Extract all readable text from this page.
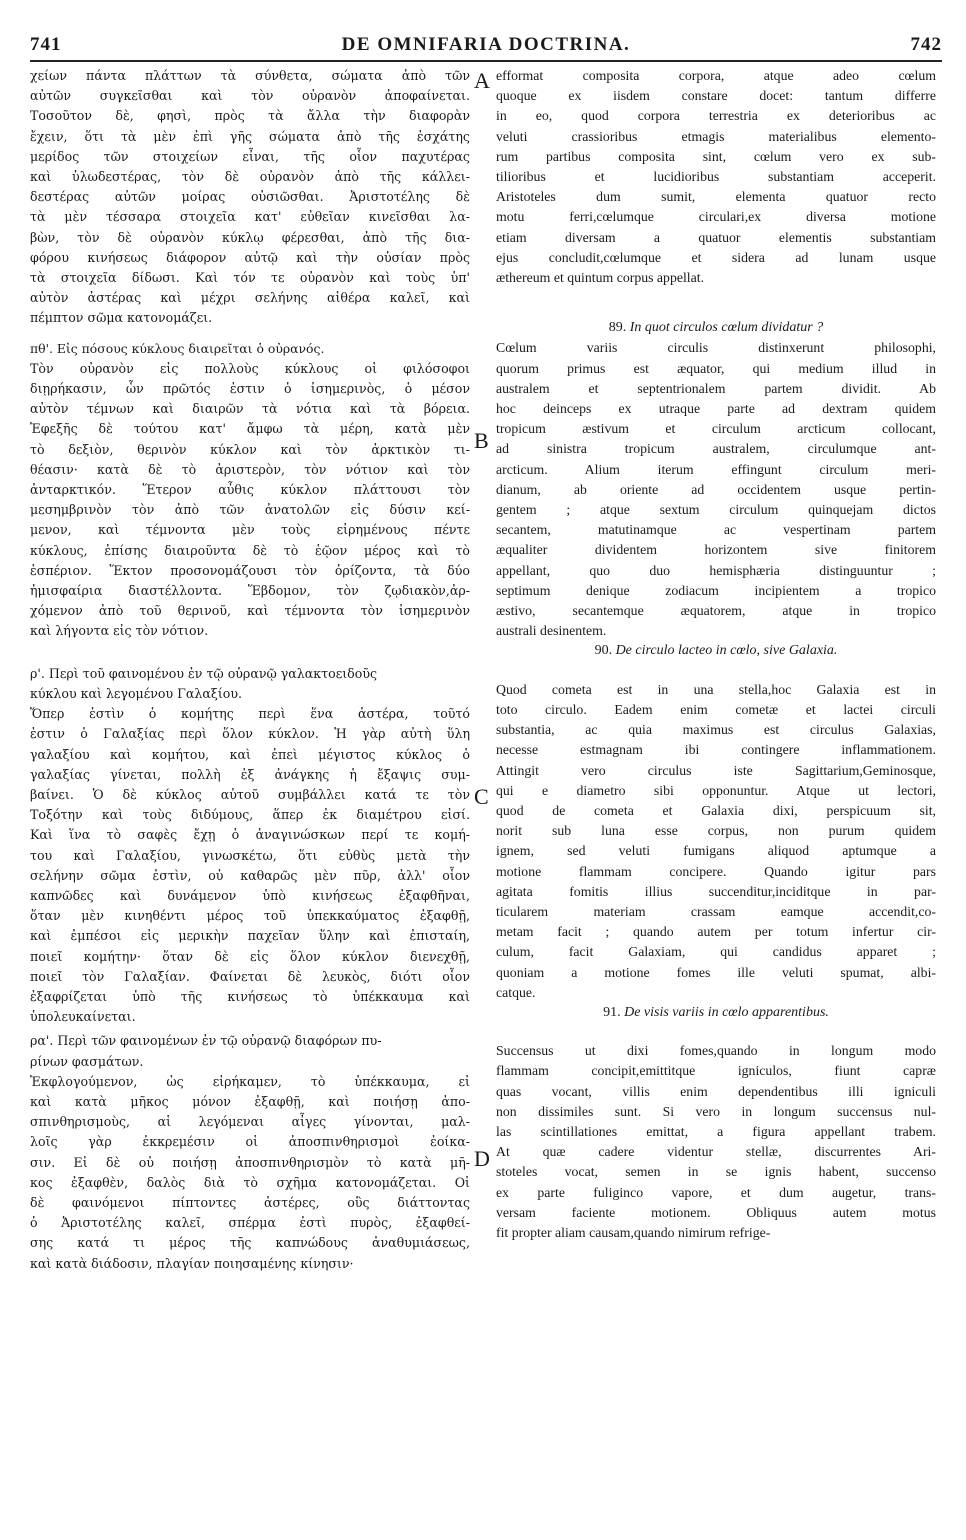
741	DE OMNIFARIA DOCTRINA.	742
A
B
C
D
χείων πάντα πλάττων τὰ σύνθετα, σώματα ἀπὸ τῶν
αὐτῶν συγκεῖσθαι καὶ τὸν οὐρανὸν ἀποφαίνεται.
Τοσοῦτον δὲ, φησὶ, πρὸς τὰ ἄλλα τὴν διαφορὰν
ἔχειν, ὅτι τὰ μὲν ἐπὶ γῆς σώματα ἀπὸ τῆς ἐσχάτης
μερίδος τῶν στοιχείων εἶναι, τῆς οἷον παχυτέρας
καὶ ὑλωδεστέρας, τὸν δὲ οὐρανὸν ἀπὸ τῆς κάλλει-
δεστέρας αὐτῶν μοίρας οὐσιῶσθαι. Ἀριστοτέλης δὲ
τὰ μὲν τέσσαρα στοιχεῖα κατ' εὐθεῖαν κινεῖσθαι λα-
βὼν, τὸν δὲ οὐρανὸν κύκλῳ φέρεσθαι, ἀπὸ τῆς δια-
φόρου κινήσεως διάφορον αὐτῷ καὶ τὴν οὐσίαν πρὸς
τὰ στοιχεῖα δίδωσι. Καὶ τόν τε οὐρανὸν καὶ τοὺς ὑπ'
αὐτὸν ἀστέρας καὶ μέχρι σελήνης αἰθέρα καλεῖ, καὶ
πέμπτον σῶμα κατονομάζει.
πθ'. Εἰς πόσους κύκλους διαιρεῖται ὁ οὐρανός.
Τὸν οὐρανὸν εἰς πολλοὺς κύκλους οἱ φιλόσοφοι
διῃρήκασιν, ὧν πρῶτός ἐστιν ὁ ἰσημερινὸς, ὁ μέσον
αὐτὸν τέμνων καὶ διαιρῶν τὰ νότια καὶ τὰ βόρεια.
Ἐφεξῆς δὲ τούτου κατ' ἄμφω τὰ μέρη, κατὰ μὲν
τὸ δεξιὸν, θερινὸν κύκλον καὶ τὸν ἀρκτικὸν τι-
θέασιν· κατὰ δὲ τὸ ἀριστερὸν, τὸν νότιον καὶ τὸν
ἀνταρκτικόν. Ἕτερον αὖθις κύκλον πλάττουσι τὸν
μεσημβρινὸν τὸν ἀπὸ τῶν ἀνατολῶν εἰς δύσιν κεί-
μενον, καὶ τέμνοντα μὲν τοὺς εἰρημένους πέντε
κύκλους, ἐπίσης διαιροῦντα δὲ τὸ ἑῷον μέρος καὶ τὸ
ἑσπέριον. Ἕκτον προσονομάζουσι τὸν ὁρίζοντα, τὰ δύο
ἡμισφαίρια διαστέλλοντα. Ἕβδομον, τὸν ζῳδιακὸν,ἀρ-
χόμενον ἀπὸ τοῦ θερινοῦ, καὶ τέμνοντα τὸν ἰσημερινὸν
καὶ λήγοντα εἰς τὸν νότιον.
ρ'. Περὶ τοῦ φαινομένου ἐν τῷ οὐρανῷ γαλακτοειδοῦς
κύκλου καὶ λεγομένου Γαλαξίου.
Ὅπερ ἐστὶν ὁ κομήτης περὶ ἕνα ἀστέρα, τοῦτό
ἐστιν ὁ Γαλαξίας περὶ ὅλον κύκλον. Ἡ γὰρ αὐτὴ ὕλη
γαλαξίου καὶ κομήτου, καὶ ἐπεὶ μέγιστος κύκλος ὁ
γαλαξίας γίνεται, πολλὴ ἐξ ἀνάγκης ἡ ἔξαψις συμ-
βαίνει. Ὁ δὲ κύκλος αὐτοῦ συμβάλλει κατά τε τὸν
Τοξότην καὶ τοὺς διδύμους, ἅπερ ἐκ διαμέτρου εἰσί.
Καὶ ἵνα τὸ σαφὲς ἔχῃ ὁ ἀναγινώσκων περί τε κομή-
του καὶ Γαλαξίου, γινωσκέτω, ὅτι εὐθὺς μετὰ τὴν
σελήνην σῶμα ἐστὶν, οὐ καθαρῶς μὲν πῦρ, ἀλλ' οἷον
καπνῶδες καὶ δυνάμενον ὑπὸ κινήσεως ἐξαφθῆναι,
ὅταν μὲν κινηθέντι μέρος τοῦ ὑπεκκαύματος ἐξαφθῇ,
καὶ ἐμπέσοι εἰς μερικὴν παχεῖαν ὕλην καὶ ἐπισταίη,
ποιεῖ κομήτην· ὅταν δὲ εἰς ὅλον κύκλον διενεχθῇ,
ποιεῖ τὸν Γαλαξίαν. Φαίνεται δὲ λευκὸς, διότι οἷον
ἐξαφρίζεται ὑπὸ τῆς κινήσεως τὸ ὑπέκκαυμα καὶ
ὑπολευκαίνεται.
ρα'. Περὶ τῶν φαινομένων ἐν τῷ οὐρανῷ διαφόρων πυ-
ρίνων φασμάτων.
Ἐκφλογούμενον, ὡς εἰρήκαμεν, τὸ ὑπέκκαυμα, εἰ
καὶ κατὰ μῆκος μόνον ἐξαφθῇ, καὶ ποιήσῃ ἀπο-
σπινθηρισμοὺς, αἱ λεγόμεναι αἶγες γίνονται, μαλ-
λοῖς γὰρ ἐκκρεμέσιν οἱ ἀποσπινθηρισμοὶ ἐοίκα-
σιν. Εἰ δὲ οὐ ποιήσῃ ἀποσπινθηρισμὸν τὸ κατὰ μῆ-
κος ἐξαφθὲν, δαλὸς διὰ τὸ σχῆμα κατονομάζεται. Οἱ
δὲ φαινόμενοι πίπτοντες ἀστέρες, οὓς διάττοντας
ὁ Ἀριστοτέλης καλεῖ, σπέρμα ἐστὶ πυρὸς, ἐξαφθεί-
σης κατά τι μέρος τῆς καπνώδους ἀναθυμιάσεως,
καὶ κατὰ διάδοσιν, πλαγίαν ποιησαμένης κίνησιν·
efformat composita corpora, atque adeo cœlum
quoque ex iisdem constare docet: tantum differre
in eo, quod corpora terrestria ex deterioribus ac
veluti crassioribus etmagis materialibus elemento-
rum partibus composita sint, cœlum vero ex sub-
tilioribus et lucidioribus substantiam acceperit.
Aristoteles dum sumit, elementa quatuor recto
motu ferri,cœlumque circulari,ex diversa motione
etiam diversam a quatuor elementis substantiam
ejus concludit,cœlumque et sidera ad lunam usque
æthereum et quintum corpus appellat.
89. In quot circulos cœlum dividatur ?
Cœlum variis circulis distinxerunt philosophi,
quorum primus est æquator, qui medium illud in
australem et septentrionalem partem dividit. Ab
hoc deinceps ex utraque parte ad dextram quidem
tropicum æstivum et circulum arcticum collocant,
ad sinistra tropicum australem, circulumque ant-
arcticum. Alium iterum effingunt circulum meri-
dianum, ab oriente ad occidentem usque pertin-
gentem ; atque sextum circulum quinquejam dictos
secantem, matutinamque ac vespertinam partem
æqualiter dividentem horizontem sive finitorem
appellant, quo duo hemisphæria distinguuntur ;
septimum denique zodiacum incipientem a tropico
æstivo, secantemque æquatorem, atque in tropico
australi desinentem.
90. De circulo lacteo in cœlo, sive Galaxia.
Quod cometa est in una stella,hoc Galaxia est in
toto circulo. Eadem enim cometæ et lactei circuli
substantia, ac quia maximus est circulus Galaxias,
necesse estmagnam ibi contingere inflammationem.
Attingit vero circulus iste Sagittarium,Geminosque,
qui e diametro sibi opponuntur. Atque ut lectori,
quod de cometa et Galaxia dixi, perspicuum sit,
norit sub luna esse corpus, non purum quidem
ignem, sed veluti fumigans aliquod aptumque a
motione flammam concipere. Quando igitur pars
agitata fomitis illius succenditur,inciditque in par-
ticularem materiam crassam eamque accendit,co-
metam facit ; quando autem per totum infertur cir-
culum, facit Galaxiam, qui candidus apparet ;
quoniam a motione fomes ille veluti spumat, albi-
catque.
91. De visis variis in cœlo apparentibus.
Succensus ut dixi fomes,quando in longum modo
flammam concipit,emittitque igniculos, fiunt capræ
quas vocant, villis enim dependentibus illi igniculi
non dissimiles sunt. Si vero in longum succensus nul-
las scintillationes emittat, a figura appellant trabem.
At quæ cadere videntur stellæ, discurrentes Ari-
stoteles vocat, semen in se ignis habent, succenso
ex parte fuliginco vapore, et dum augetur, trans-
versam faciente motionem. Obliquus autem motus
fit propter aliam causam,quando nimirum refrige-
